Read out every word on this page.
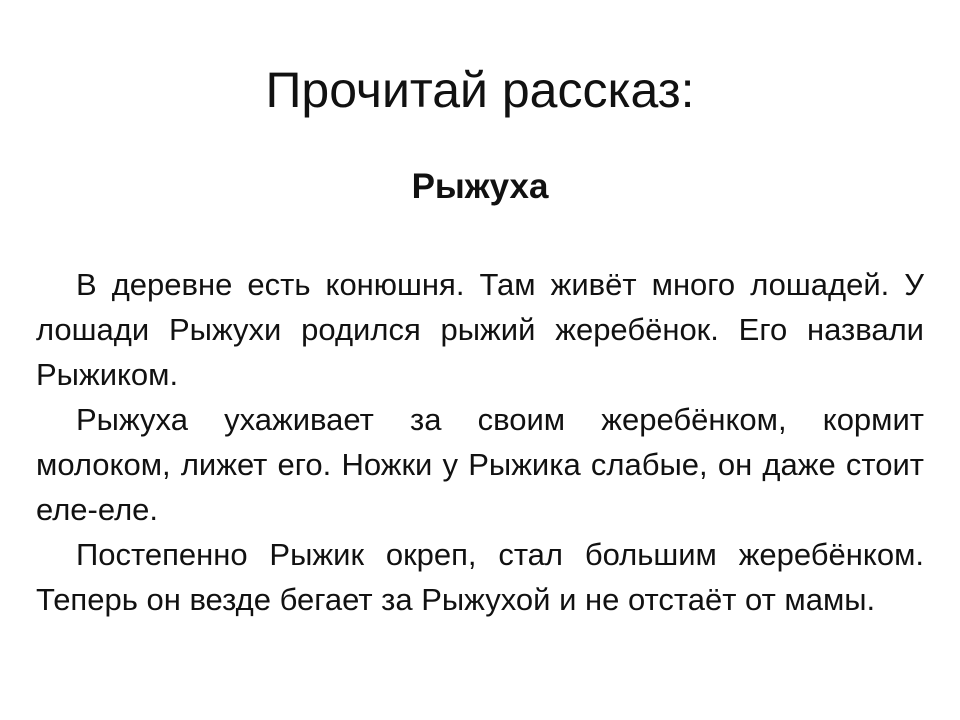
Прочитай рассказ:
Рыжуха

В деревне есть конюшня. Там живёт много лошадей. У лошади Рыжухи родился рыжий жеребёнок. Его назвали Рыжиком.

Рыжуха ухаживает за своим жеребёнком, кормит молоком, лижет его. Ножки у Рыжика слабые, он даже стоит еле-еле.

Постепенно Рыжик окреп, стал большим жеребёнком. Теперь он везде бегает за Рыжухой и не отстаёт от мамы.
